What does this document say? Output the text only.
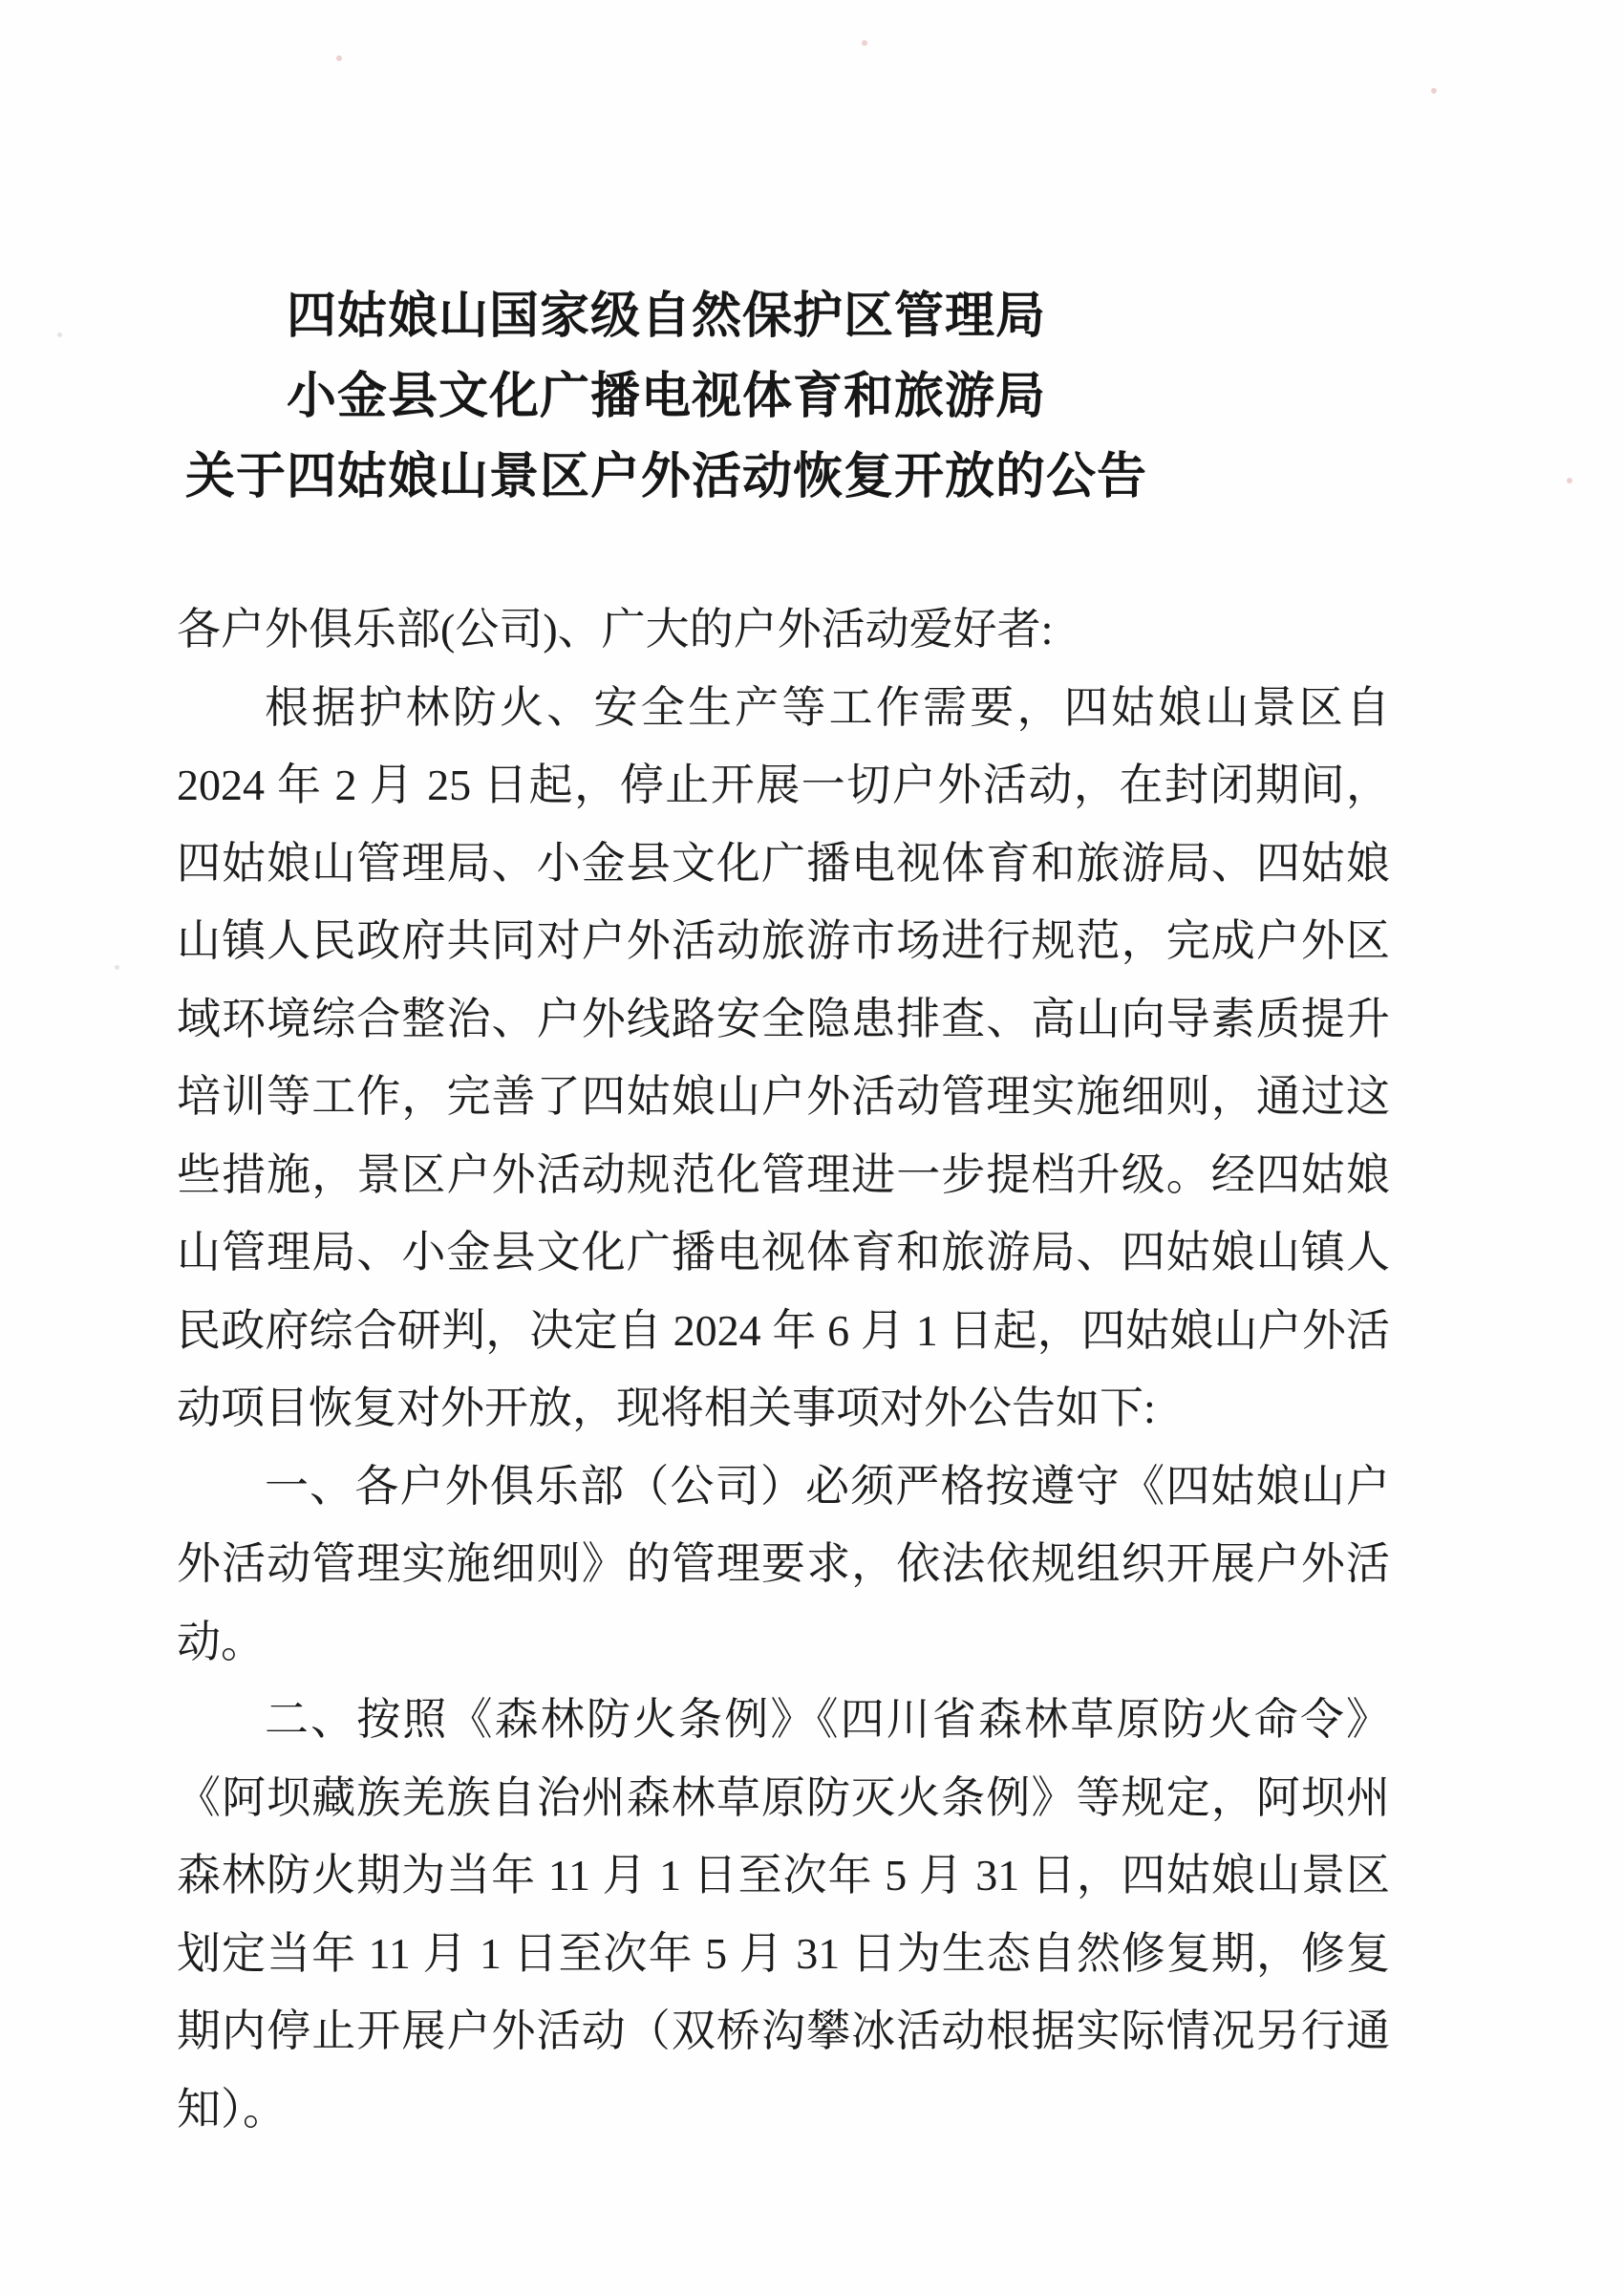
四姑娘山国家级自然保护区管理局
小金县文化广播电视体育和旅游局
关于四姑娘山景区户外活动恢复开放的公告

各户外俱乐部(公司)、广大的户外活动爱好者:

根据护林防火、安全生产等工作需要，四姑娘山景区自 2024 年 2 月 25 日起，停止开展一切户外活动，在封闭期间，四姑娘山管理局、小金县文化广播电视体育和旅游局、四姑娘山镇人民政府共同对户外活动旅游市场进行规范，完成户外区域环境综合整治、户外线路安全隐患排查、高山向导素质提升培训等工作，完善了四姑娘山户外活动管理实施细则，通过这些措施，景区户外活动规范化管理进一步提档升级。经四姑娘山管理局、小金县文化广播电视体育和旅游局、四姑娘山镇人民政府综合研判，决定自 2024 年 6 月 1 日起，四姑娘山户外活动项目恢复对外开放，现将相关事项对外公告如下:

一、各户外俱乐部（公司）必须严格按遵守《四姑娘山户外活动管理实施细则》的管理要求，依法依规组织开展户外活动。

二、按照《森林防火条例》《四川省森林草原防火命令》《阿坝藏族羌族自治州森林草原防灭火条例》等规定，阿坝州森林防火期为当年 11 月 1 日至次年 5 月 31 日，四姑娘山景区划定当年 11 月 1 日至次年 5 月 31 日为生态自然修复期，修复期内停止开展户外活动（双桥沟攀冰活动根据实际情况另行通知）。
